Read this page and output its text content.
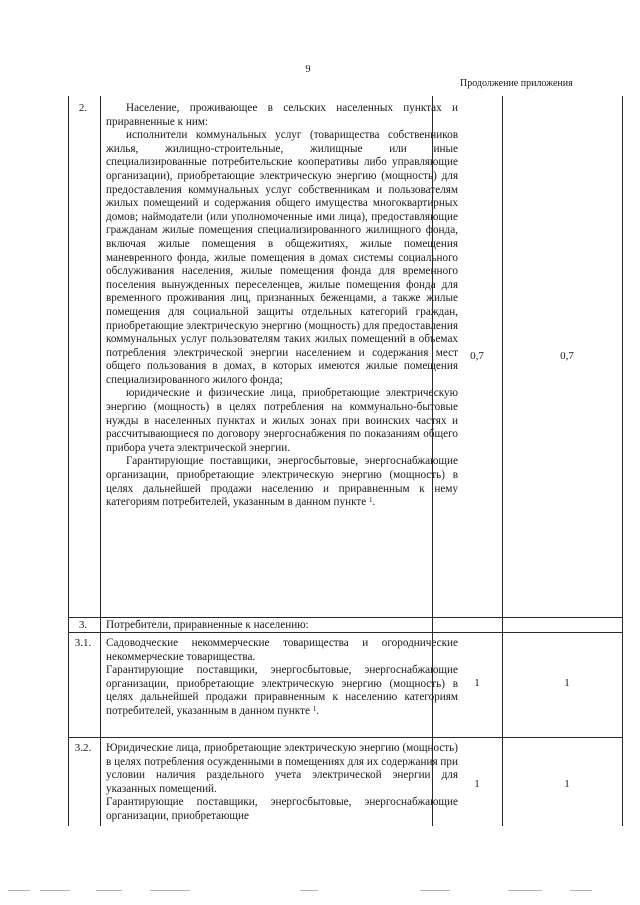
9
Продолжение приложения
2.	Население, проживающее в сельских населенных пунктах и приравненные к ним:

исполнители коммунальных услуг (товарищества собственников жилья, жилищно-строительные, жилищные или иные специализированные потребительские кооперативы либо управляющие организации), приобретающие электрическую энергию (мощность) для предоставления коммунальных услуг собственникам и пользователям жилых помещений и содержания общего имущества многоквартирных домов; наймодатели (или уполномоченные ими лица), предоставляющие гражданам жилые помещения специализированного жилищного фонда, включая жилые помещения в общежитиях, жилые помещения маневренного фонда, жилые помещения в домах системы социального обслуживания населения, жилые помещения фонда для временного поселения вынужденных переселенцев, жилые помещения фонда для временного проживания лиц, признанных беженцами, а также жилые помещения для социальной защиты отдельных категорий граждан, приобретающие электрическую энергию (мощность) для предоставления коммунальных услуг пользователям таких жилых помещений в объемах потребления электрической энергии населением и содержания мест общего пользования в домах, в которых имеются жилые помещения специализированного жилого фонда;

юридические и физические лица, приобретающие электрическую энергию (мощность) в целях потребления на коммунально-бытовые нужды в населенных пунктах и жилых зонах при воинских частях и рассчитывающиеся по договору энергоснабжения по показаниям общего прибора учета электрической энергии.

Гарантирующие поставщики, энергосбытовые, энергоснабжающие организации, приобретающие электрическую энергию (мощность) в целях дальнейшей продажи населению и приравненным к нему категориям потребителей, указанным в данном пункте $^1$.

0,7	0,7
3.	Потребители, приравненные к населению:

3.1.	Садоводческие некоммерческие товарищества и огороднические некоммерческие товарищества.

Гарантирующие поставщики, энергосбытовые, энергоснабжающие организации, приобретающие электрическую энергию (мощность) в целях дальнейшей продажи приравненным к населению категориям потребителей, указанным в данном пункте $^1$.

1	1
3.2.	Юридические лица, приобретающие электрическую энергию (мощность) в целях потребления осужденными в помещениях для их содержания при условии наличия раздельного учета электрической энергии для указанных помещений.

Гарантирующие поставщики, энергосбытовые, энергоснабжающие организации, приобретающие

1	1
